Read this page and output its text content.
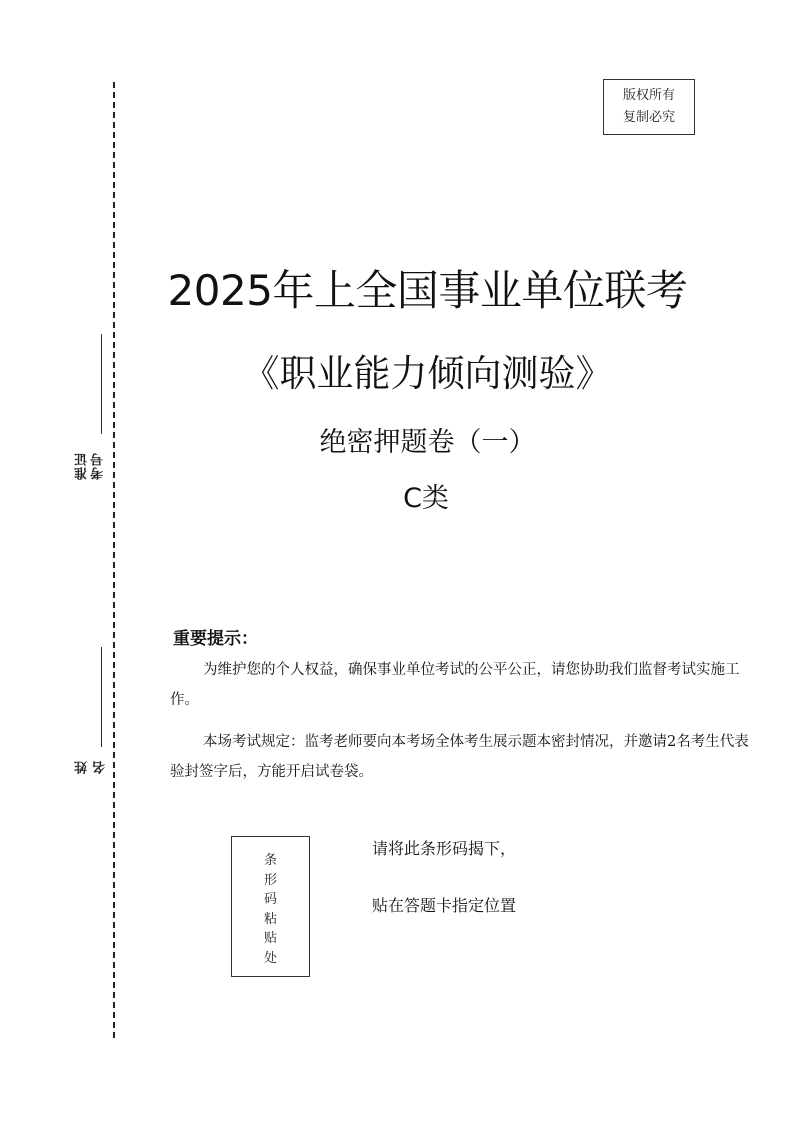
准证 考号
姓 名
版权所有
复制必究
2025年上全国事业单位联考
《职业能力倾向测验》
绝密押题卷（一）
C类
重要提示：
为维护您的个人权益，确保事业单位考试的公平公正，请您协助我们监督考试实施工作。
本场考试规定：监考老师要向本考场全体考生展示题本密封情况，并邀请2名考生代表验封签字后，方能开启试卷袋。
条
形
码
粘
贴
处
请将此条形码揭下，
贴在答题卡指定位置
